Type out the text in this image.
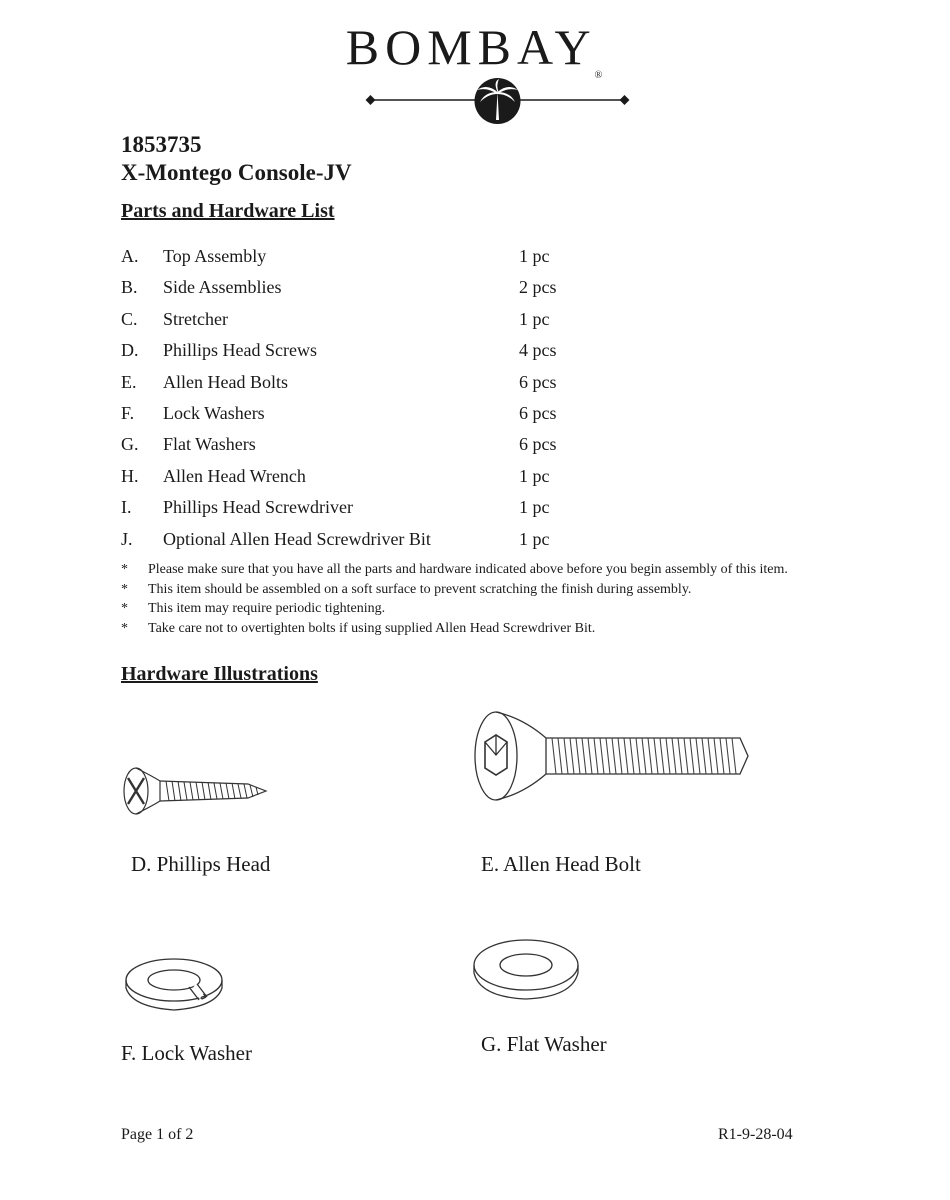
$BOMBAY_®$
1853735
X-Montego Console-JV
Parts and Hardware List
A. Top Assembly	1 pc
B. Side Assemblies	2 pcs
C. Stretcher	1 pc
D. Phillips Head Screws	4 pcs
E. Allen Head Bolts	6 pcs
F. Lock Washers	6 pcs
G. Flat Washers	6 pcs
H. Allen Head Wrench	1 pc
I. Phillips Head Screwdriver	1 pc
J. Optional Allen Head Screwdriver Bit	1 pc
* Please make sure that you have all the parts and hardware indicated above before you begin assembly of this item.
* This item should be assembled on a soft surface to prevent scratching the finish during assembly.
* This item may require periodic tightening.
* Take care not to overtighten bolts if using supplied Allen Head Screwdriver Bit.
Hardware Illustrations
D. Phillips Head	E. Allen Head Bolt
F. Lock Washer	G. Flat Washer
Page 1 of 2	R1-9-28-04
